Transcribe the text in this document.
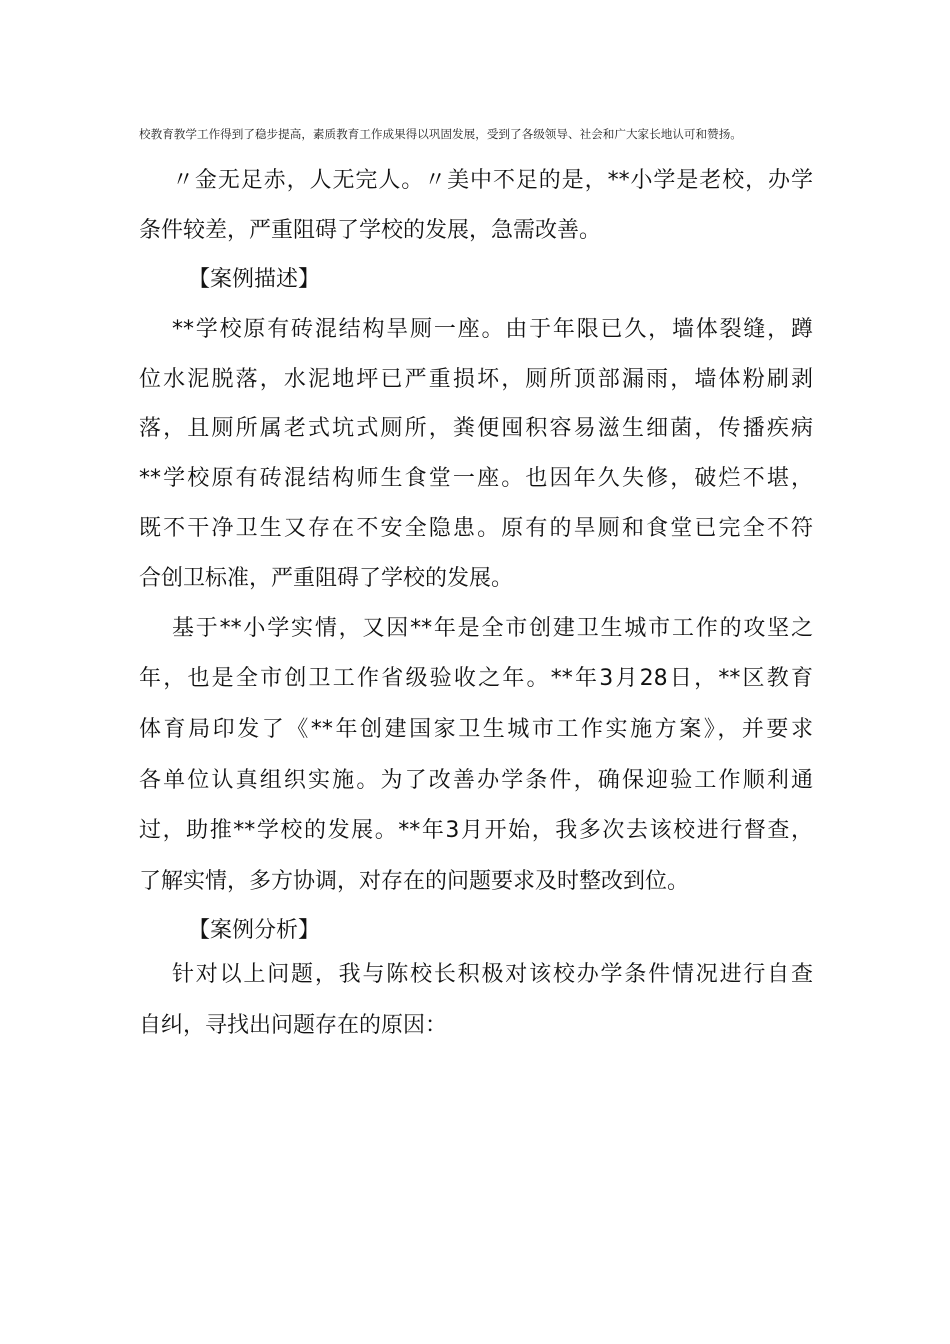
校教育教学工作得到了稳步提高，素质教育工作成果得以巩固发展，受到了各级领导、社会和广大家长地认可和赞扬。
〃金无足赤，人无完人。〃美中不足的是，**小学是老校，办学
条件较差，严重阻碍了学校的发展，急需改善。
【案例描述】
**学校原有砖混结构旱厕一座。由于年限已久，墙体裂缝，蹲
位水泥脱落，水泥地坪已严重损坏，厕所顶部漏雨，墙体粉刷剥
落，且厕所属老式坑式厕所，粪便囤积容易滋生细菌，传播疾病
**学校原有砖混结构师生食堂一座。也因年久失修，破烂不堪，
既不干净卫生又存在不安全隐患。原有的旱厕和食堂已完全不符
合创卫标准，严重阻碍了学校的发展。
基于**小学实情，又因**年是全市创建卫生城市工作的攻坚之
年，也是全市创卫工作省级验收之年。**年3月28日，**区教育
体育局印发了《**年创建国家卫生城市工作实施方案》，并要求
各单位认真组织实施。为了改善办学条件，确保迎验工作顺利通
过，助推**学校的发展。**年3月开始，我多次去该校进行督查，
了解实情，多方协调，对存在的问题要求及时整改到位。
【案例分析】
针对以上问题，我与陈校长积极对该校办学条件情况进行自查
自纠，寻找出问题存在的原因：
